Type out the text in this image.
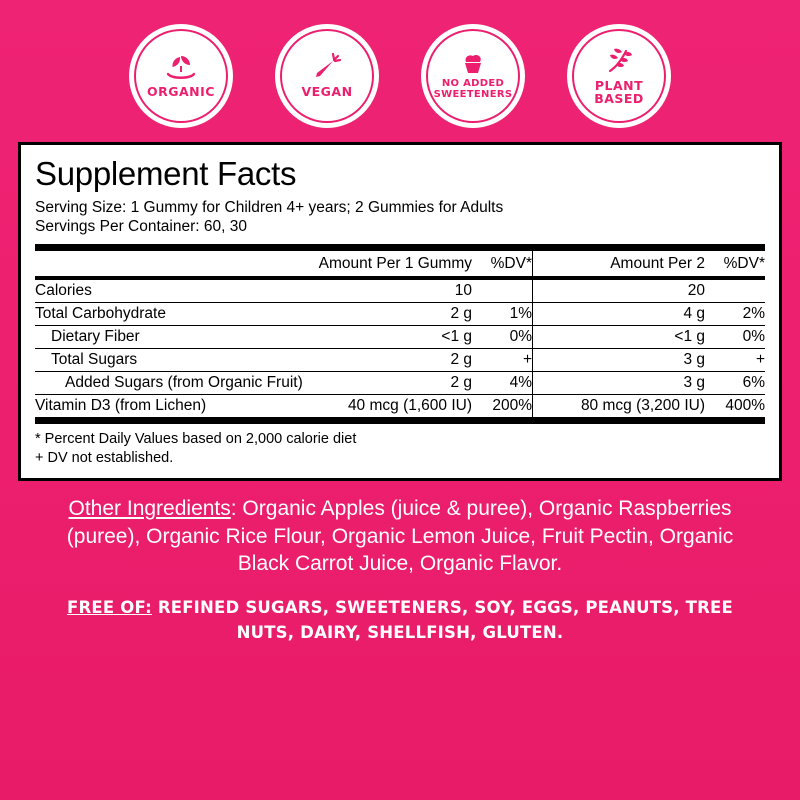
ORGANIC	VEGAN
NO ADDED SWEETENERS
PLANT BASED
Supplement Facts
Serving Size: 1 Gummy for Children 4+ years; 2 Gummies for Adults
Servings Per Container: 60, 30
	Amount Per 1 Gummy	%DV*		Amount Per 2	%DV*
Calories	10			20	
Total Carbohydrate	2 g	1%		4 g	2%
Dietary Fiber	<1 g	0%		<1 g	0%
Total Sugars	2 g	+		3 g	+
Added Sugars (from Organic Fruit)	2 g	4%		3 g	6%
Vitamin D3 (from Lichen)	40 mcg (1,600 IU)	200%		80 mcg (3,200 IU)	400%
* Percent Daily Values based on 2,000 calorie diet
+ DV not established.
Other Ingredients: Organic Apples (juice & puree), Organic Raspberries (puree), Organic Rice Flour, Organic Lemon Juice, Fruit Pectin, Organic Black Carrot Juice, Organic Flavor.
FREE OF: REFINED SUGARS, SWEETENERS, SOY, EGGS, PEANUTS, TREE NUTS, DAIRY, SHELLFISH, GLUTEN.
